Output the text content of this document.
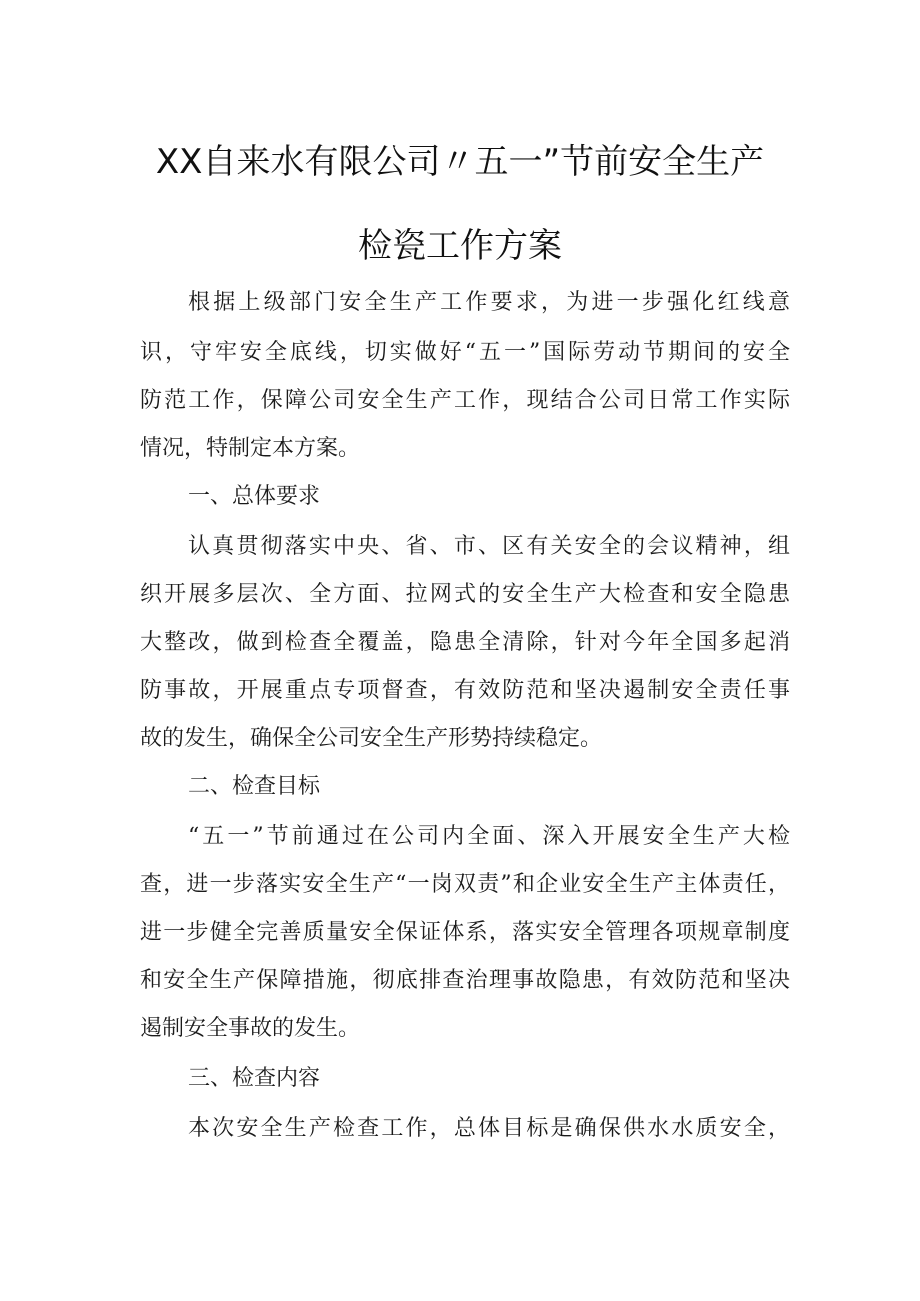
XX自来水有限公司〃五一”节前安全生产
检瓷工作方案
根据上级部门安全生产工作要求，为进一步强化红线意
识，守牢安全底线，切实做好“五一”国际劳动节期间的安全
防范工作，保障公司安全生产工作，现结合公司日常工作实际
情况，特制定本方案。
一、总体要求
认真贯彻落实中央、省、市、区有关安全的会议精神，组
织开展多层次、全方面、拉网式的安全生产大检查和安全隐患
大整改，做到检查全覆盖，隐患全清除，针对今年全国多起消
防事故，开展重点专项督查，有效防范和坚决遏制安全责任事
故的发生，确保全公司安全生产形势持续稳定。
二、检查目标
“五一”节前通过在公司内全面、深入开展安全生产大检
查，进一步落实安全生产“一岗双责”和企业安全生产主体责任，
进一步健全完善质量安全保证体系，落实安全管理各项规章制度
和安全生产保障措施，彻底排查治理事故隐患，有效防范和坚决
遏制安全事故的发生。
三、检查内容
本次安全生产检查工作，总体目标是确保供水水质安全，
